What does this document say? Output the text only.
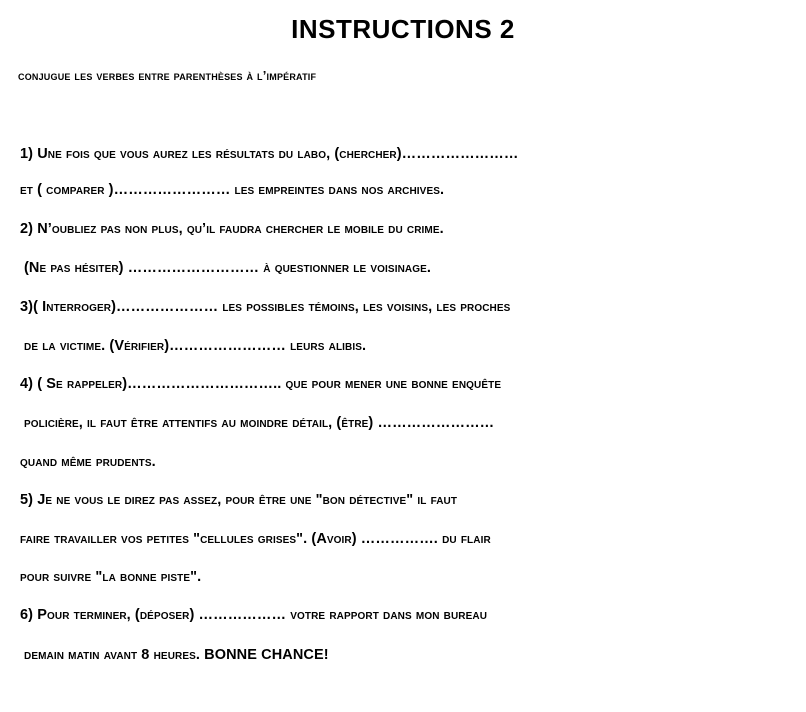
INSTRUCTIONS 2
conjugue les verbes entre parenthèses à l’impératif
1) Une fois que vous aurez les résultats du labo, (chercher)……………………
et ( comparer )…………………… les empreintes dans nos archives.
2) N’oubliez pas non plus, qu’il faudra chercher le mobile du crime.
(Ne pas hésiter) ……………………… à questionner le voisinage.
3)( Interroger)………………… les possibles témoins, les voisins, les proches
de la victime. (Vérifier)…………………… leurs alibis.
4) ( Se rappeler)………………………….. que pour mener une bonne enquête
policière, il faut être attentifs au moindre détail, (être) ……………………
quand même prudents.
5) Je ne vous le direz pas assez, pour être une "bon détective" il faut
faire travailler vos petites "cellules grises". (Avoir) ……………. du flair
pour suivre "la bonne piste".
6) Pour terminer, (déposer) ……………… votre rapport dans mon bureau
demain matin avant 8 heures. BONNE CHANCE!
